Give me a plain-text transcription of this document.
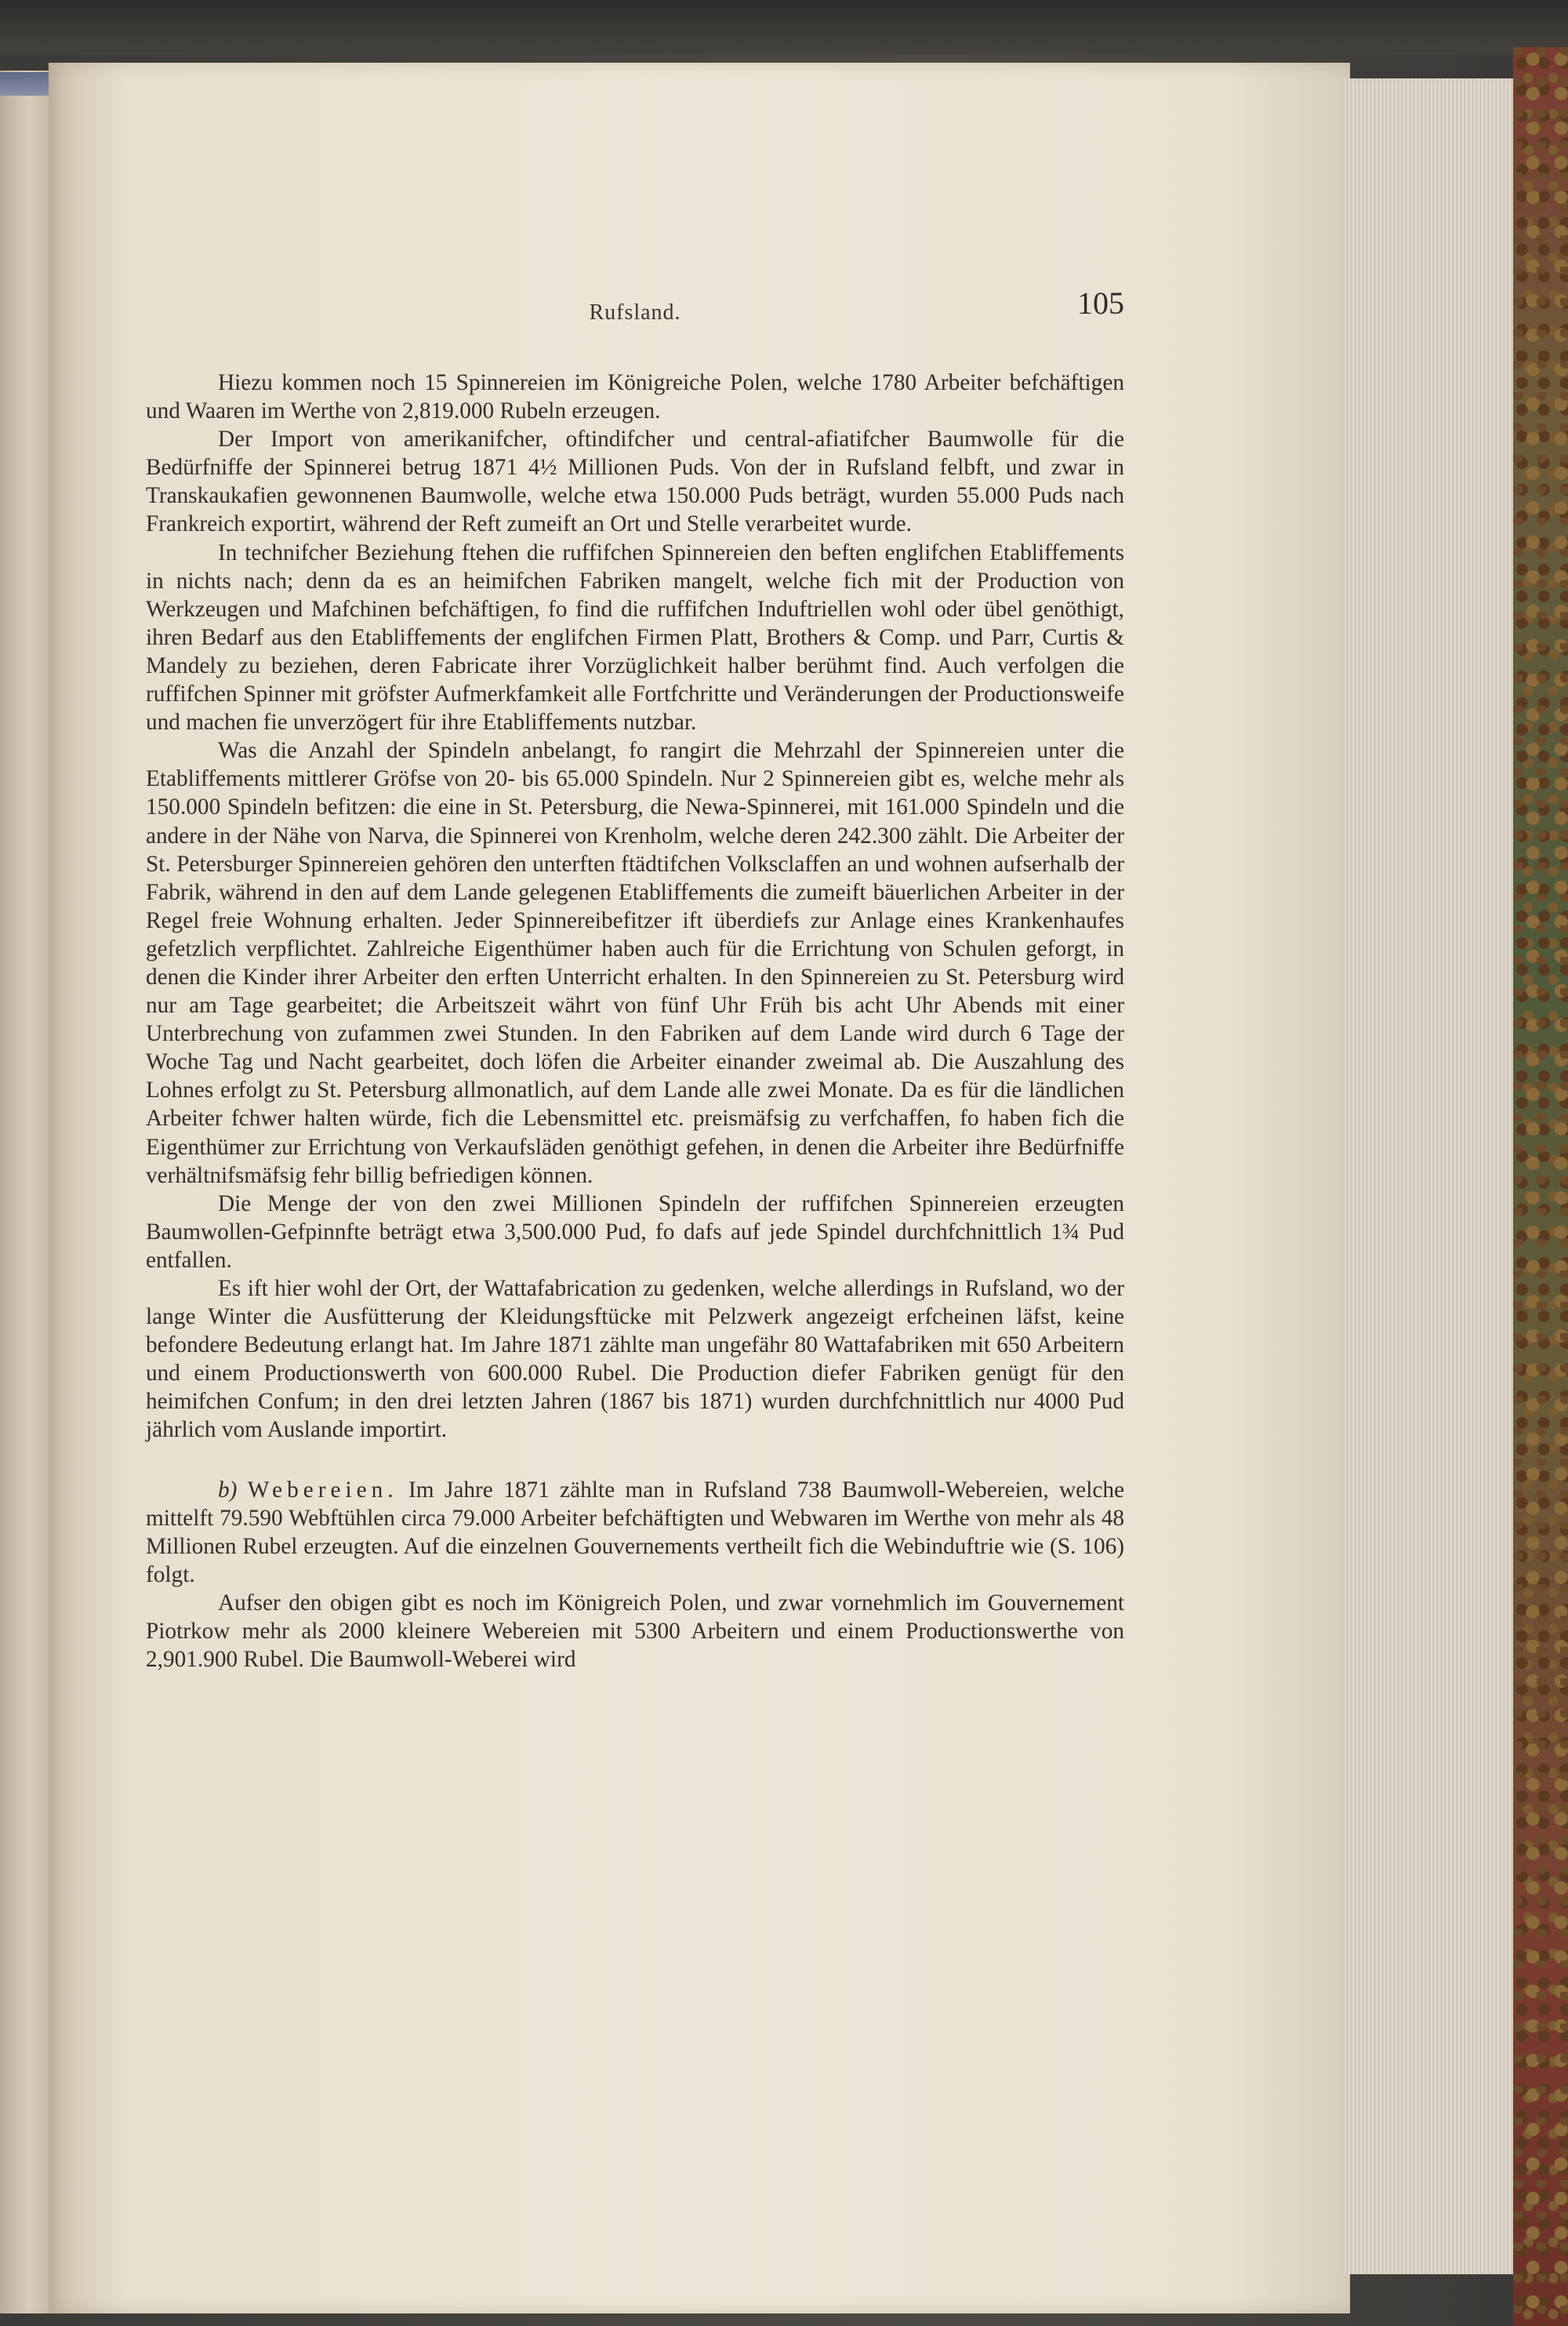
Rufsland.	105

Hiezu kommen noch 15 Spinnereien im Königreiche Polen, welche 1780 Arbeiter befchäftigen und Waaren im Werthe von 2,819.000 Rubeln erzeugen.

Der Import von amerikanifcher, oftindifcher und central-afiatifcher Baumwolle für die Bedürfniffe der Spinnerei betrug 1871 4½ Millionen Puds. Von der in Rufsland felbft, und zwar in Transkaukafien gewonnenen Baumwolle, welche etwa 150.000 Puds beträgt, wurden 55.000 Puds nach Frankreich exportirt, während der Reft zumeift an Ort und Stelle verarbeitet wurde.

In technifcher Beziehung ftehen die ruffifchen Spinnereien den beften englifchen Etabliffements in nichts nach; denn da es an heimifchen Fabriken mangelt, welche fich mit der Production von Werkzeugen und Mafchinen befchäftigen, fo find die ruffifchen Induftriellen wohl oder übel genöthigt, ihren Bedarf aus den Etabliffements der englifchen Firmen Platt, Brothers & Comp. und Parr, Curtis & Mandely zu beziehen, deren Fabricate ihrer Vorzüglichkeit halber berühmt find. Auch verfolgen die ruffifchen Spinner mit gröfster Aufmerkfamkeit alle Fortfchritte und Veränderungen der Productionsweife und machen fie unverzögert für ihre Etabliffements nutzbar.

Was die Anzahl der Spindeln anbelangt, fo rangirt die Mehrzahl der Spinnereien unter die Etabliffements mittlerer Gröfse von 20- bis 65.000 Spindeln. Nur 2 Spinnereien gibt es, welche mehr als 150.000 Spindeln befitzen: die eine in St. Petersburg, die Newa-Spinnerei, mit 161.000 Spindeln und die andere in der Nähe von Narva, die Spinnerei von Krenholm, welche deren 242.300 zählt. Die Arbeiter der St. Petersburger Spinnereien gehören den unterften ftädtifchen Volksclaffen an und wohnen aufserhalb der Fabrik, während in den auf dem Lande gelegenen Etabliffements die zumeift bäuerlichen Arbeiter in der Regel freie Wohnung erhalten. Jeder Spinnereibefitzer ift überdiefs zur Anlage eines Krankenhaufes gefetzlich verpflichtet. Zahlreiche Eigenthümer haben auch für die Errichtung von Schulen geforgt, in denen die Kinder ihrer Arbeiter den erften Unterricht erhalten. In den Spinnereien zu St. Petersburg wird nur am Tage gearbeitet; die Arbeitszeit währt von fünf Uhr Früh bis acht Uhr Abends mit einer Unterbrechung von zufammen zwei Stunden. In den Fabriken auf dem Lande wird durch 6 Tage der Woche Tag und Nacht gearbeitet, doch löfen die Arbeiter einander zweimal ab. Die Auszahlung des Lohnes erfolgt zu St. Petersburg allmonatlich, auf dem Lande alle zwei Monate. Da es für die ländlichen Arbeiter fchwer halten würde, fich die Lebensmittel etc. preismäfsig zu verfchaffen, fo haben fich die Eigenthümer zur Errichtung von Verkaufsläden genöthigt gefehen, in denen die Arbeiter ihre Bedürfniffe verhältnifsmäfsig fehr billig befriedigen können.

Die Menge der von den zwei Millionen Spindeln der ruffifchen Spinnereien erzeugten Baumwollen-Gefpinnfte beträgt etwa 3,500.000 Pud, fo dafs auf jede Spindel durchfchnittlich 1¾ Pud entfallen.

Es ift hier wohl der Ort, der Wattafabrication zu gedenken, welche allerdings in Rufsland, wo der lange Winter die Ausfütterung der Kleidungsftücke mit Pelzwerk angezeigt erfcheinen läfst, keine befondere Bedeutung erlangt hat. Im Jahre 1871 zählte man ungefähr 80 Wattafabriken mit 650 Arbeitern und einem Productionswerth von 600.000 Rubel. Die Production diefer Fabriken genügt für den heimifchen Confum; in den drei letzten Jahren (1867 bis 1871) wurden durchfchnittlich nur 4000 Pud jährlich vom Auslande importirt.

b) Webereien. Im Jahre 1871 zählte man in Rufsland 738 Baumwoll-Webereien, welche mittelft 79.590 Webftühlen circa 79.000 Arbeiter befchäftigten und Webwaren im Werthe von mehr als 48 Millionen Rubel erzeugten. Auf die einzelnen Gouvernements vertheilt fich die Webinduftrie wie (S. 106) folgt.

Aufser den obigen gibt es noch im Königreich Polen, und zwar vornehmlich im Gouvernement Piotrkow mehr als 2000 kleinere Webereien mit 5300 Arbeitern und einem Productionswerthe von 2,901.900 Rubel. Die Baumwoll-Weberei wird
